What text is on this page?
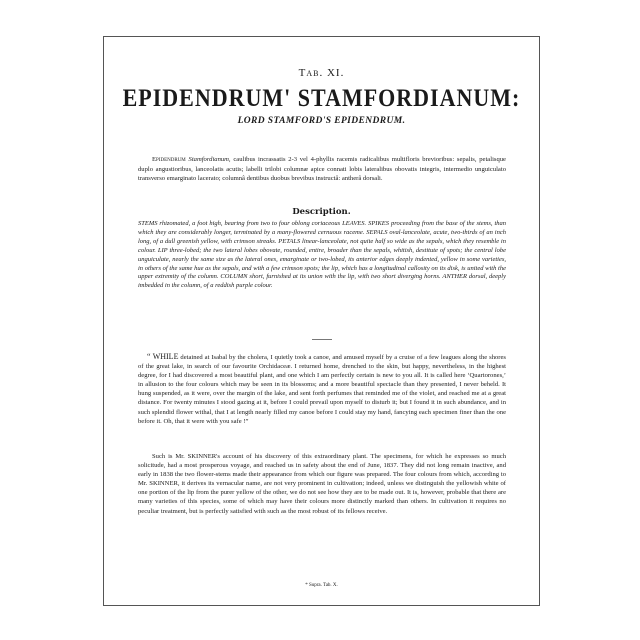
Tab. XI.
EPIDENDRUM' STAMFORDIANUM:
LORD STAMFORD'S EPIDENDRUM.
Epidendrum Stamfordianum, caulibus incrassatis 2-3 vel 4-phyllis racemis radicalibus multifloris brevioribus: sepalis, petalisque duplo angustioribus, lanceolatis acutis; labelli trilobi columnæ apice connati lobis lateralibus obovatis integris, intermedio unguiculato transverso emarginato lacerato; columnâ dentibus duobus brevibus instructâ: antherâ dorsali.
Description.
STEMS rhizomated, a foot high, bearing from two to four oblong coriaceous LEAVES. SPIKES proceeding from the base of the stems, than which they are considerably longer, terminated by a many-flowered cernuous raceme. SEPALS oval-lanceolate, acute, two-thirds of an inch long, of a dull greenish yellow, with crimson streaks. PETALS linear-lanceolate, not quite half so wide as the sepals, which they resemble in colour. LIP three-lobed; the two lateral lobes obovate, rounded, entire, broader than the sepals, whitish, destitute of spots; the central lobe unguiculate, nearly the same size as the lateral ones, emarginate or two-lobed, its anterior edges deeply indented, yellow in some varieties, in others of the same hue as the sepals, and with a few crimson spots; the lip, which has a longitudinal callosity on its disk, is united with the upper extremity of the column. COLUMN short, furnished at its union with the lip, with two short diverging horns. ANTHER dorsal, deeply imbedded in the column, of a reddish purple colour.
“ WHILE detained at Isabal by the cholera, I quietly took a canoe, and amused myself by a cruise of a few leagues along the shores of the great lake, in search of our favourite Orchidaceæ. I returned home, drenched to the skin, but happy, nevertheless, in the highest degree, for I had discovered a most beautiful plant, and one which I am perfectly certain is new to you all. It is called here ‘Quartorones,’ in allusion to the four colours which may be seen in its blossoms; and a more beautiful spectacle than they presented, I never beheld. It hung suspended, as it were, over the margin of the lake, and sent forth perfumes that reminded me of the violet, and reached me at a great distance. For twenty minutes I stood gazing at it, before I could prevail upon myself to disturb it; but I found it in such abundance, and in such splendid flower withal, that I at length nearly filled my canoe before I could stay my hand, fancying each specimen finer than the one before it. Oh, that it were with you safe !”
Such is Mr. SKINNER's account of his discovery of this extraordinary plant. The specimens, for which he expresses so much solicitude, had a most prosperous voyage, and reached us in safety about the end of June, 1837. They did not long remain inactive, and early in 1838 the two flower-stems made their appearance from which our figure was prepared. The four colours from which, according to Mr. SKINNER, it derives its vernacular name, are not very prominent in cultivation; indeed, unless we distinguish the yellowish white of one portion of the lip from the purer yellow of the other, we do not see how they are to be made out. It is, however, probable that there are many varieties of this species, some of which may have their colours more distinctly marked than others. In cultivation it requires no peculiar treatment, but is perfectly satisfied with such as the most robust of its fellows receive.
* Supra. Tab. X.
